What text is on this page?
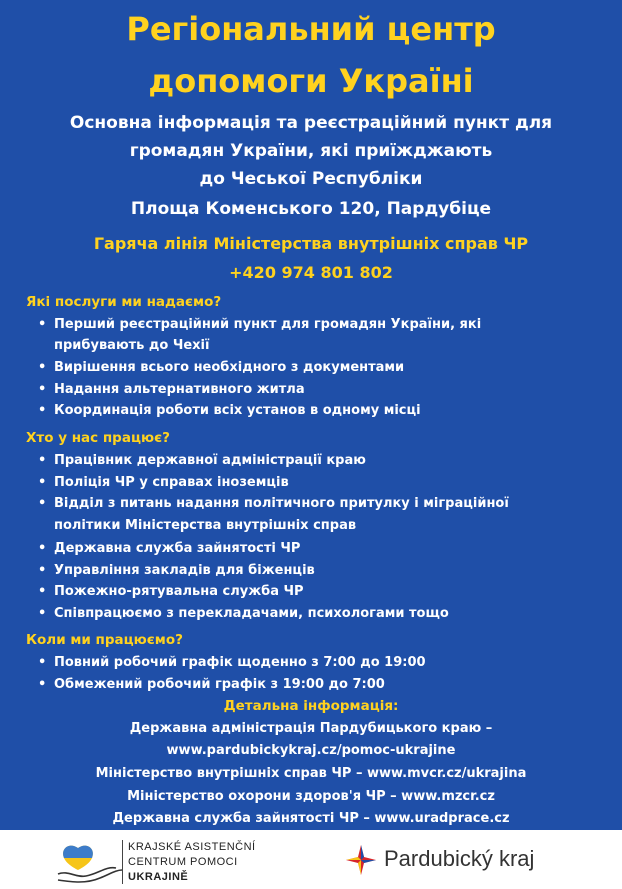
Регіональний центр
допомоги Україні
Основна інформація та реєстраційний пункт для
громадян України, які приїжджають
до Чеської Республіки
Площа Коменського 120, Пардубіце
Гаряча лінія Міністерства внутрішніх справ ЧР
+420 974 801 802
Які послуги ми надаємо?
• Перший реєстраційний пункт для громадян України, які
прибувають до Чехії
• Вирішення всього необхідного з документами
• Надання альтернативного житла
• Координація роботи всіх установ в одному місці
Хто у нас працює?
• Працівник державної адміністрації краю
• Поліція ЧР у справах іноземців
• Відділ з питань надання політичного притулку і міграційної
політики Міністерства внутрішніх справ
• Державна служба зайнятості ЧР
• Управління закладів для біженців
• Пожежно-рятувальна служба ЧР
• Співпрацюємо з перекладачами, психологами тощо
Коли ми працюємо?
• Повний робочий графік щоденно з 7:00 до 19:00
• Обмежений робочий графік з 19:00 до 7:00
Детальна інформація:
Державна адміністрація Пардубицького краю –
www.pardubickykraj.cz/pomoc-ukrajine
Міністерство внутрішніх справ ЧР – www.mvcr.cz/ukrajina
Міністерство охорони здоров'я ЧР – www.mzcr.cz
Державна служба зайнятості ЧР – www.uradprace.cz
KRAJSKÉ ASISTENČNÍ
CENTRUM POMOCI
UKRAJINĚ
Pardubický kraj
